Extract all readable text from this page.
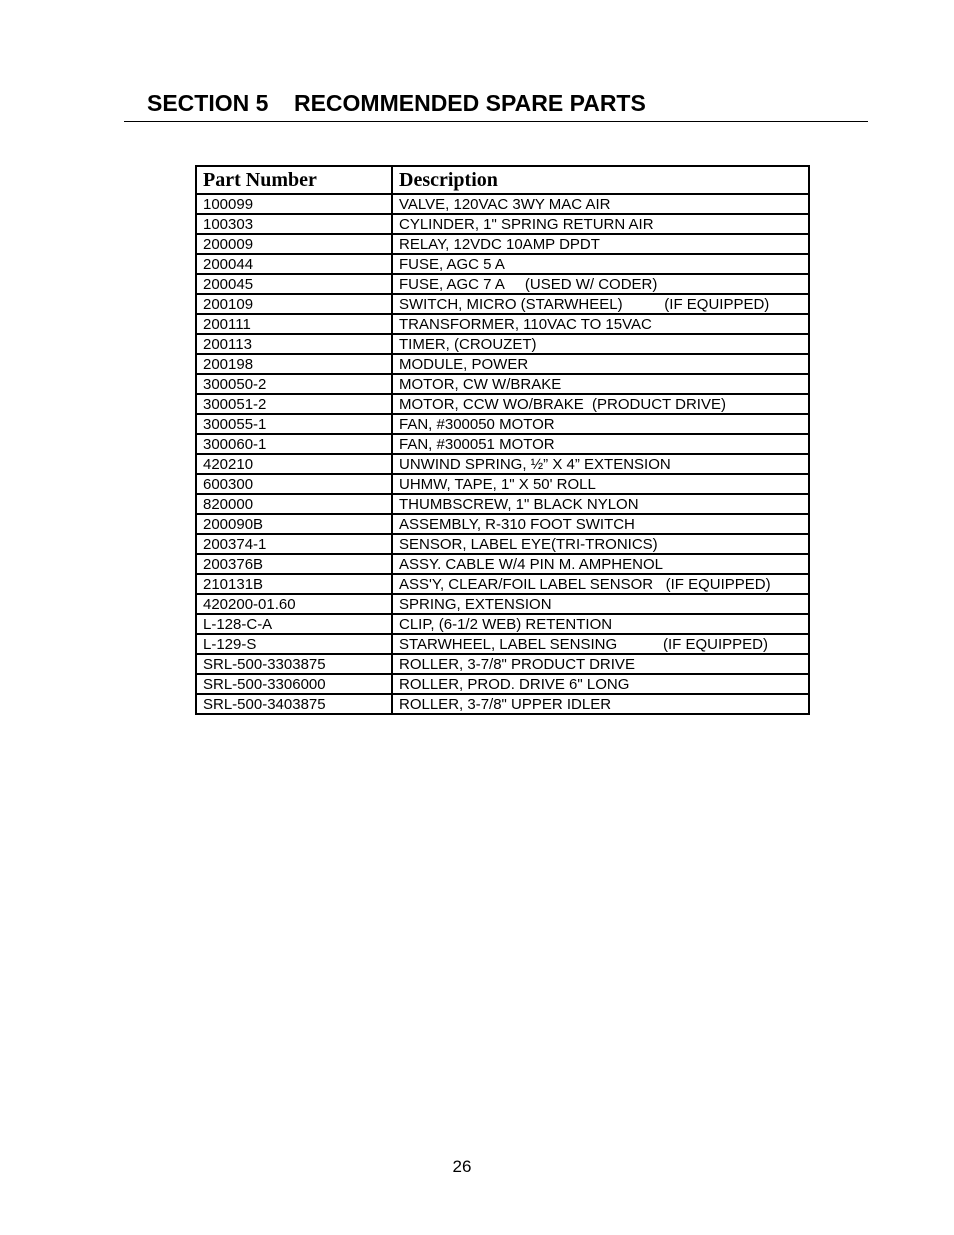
SECTION 5    RECOMMENDED SPARE PARTS
Part Number	Description
100099	VALVE, 120VAC 3WY MAC AIR
100303	CYLINDER, 1" SPRING RETURN AIR
200009	RELAY, 12VDC 10AMP DPDT
200044	FUSE, AGC 5 A
200045	FUSE, AGC 7 A     (USED W/ CODER)
200109	SWITCH, MICRO (STARWHEEL)          (IF EQUIPPED)
200111	TRANSFORMER, 110VAC TO 15VAC
200113	TIMER, (CROUZET)
200198	MODULE, POWER
300050-2	MOTOR, CW W/BRAKE
300051-2	MOTOR, CCW WO/BRAKE  (PRODUCT DRIVE)
300055-1	FAN, #300050 MOTOR
300060-1	FAN, #300051 MOTOR
420210	UNWIND SPRING, ½” X 4” EXTENSION
600300	UHMW, TAPE, 1" X 50' ROLL
820000	THUMBSCREW, 1" BLACK NYLON
200090B	ASSEMBLY, R-310 FOOT SWITCH
200374-1	SENSOR, LABEL EYE(TRI-TRONICS)
200376B	ASSY. CABLE W/4 PIN M. AMPHENOL
210131B	ASS'Y, CLEAR/FOIL LABEL SENSOR   (IF EQUIPPED)
420200-01.60	SPRING, EXTENSION
L-128-C-A	CLIP, (6-1/2 WEB) RETENTION
L-129-S	STARWHEEL, LABEL SENSING           (IF EQUIPPED)
SRL-500-3303875	ROLLER, 3-7/8" PRODUCT DRIVE
SRL-500-3306000	ROLLER, PROD. DRIVE 6" LONG
SRL-500-3403875	ROLLER, 3-7/8" UPPER IDLER
26
